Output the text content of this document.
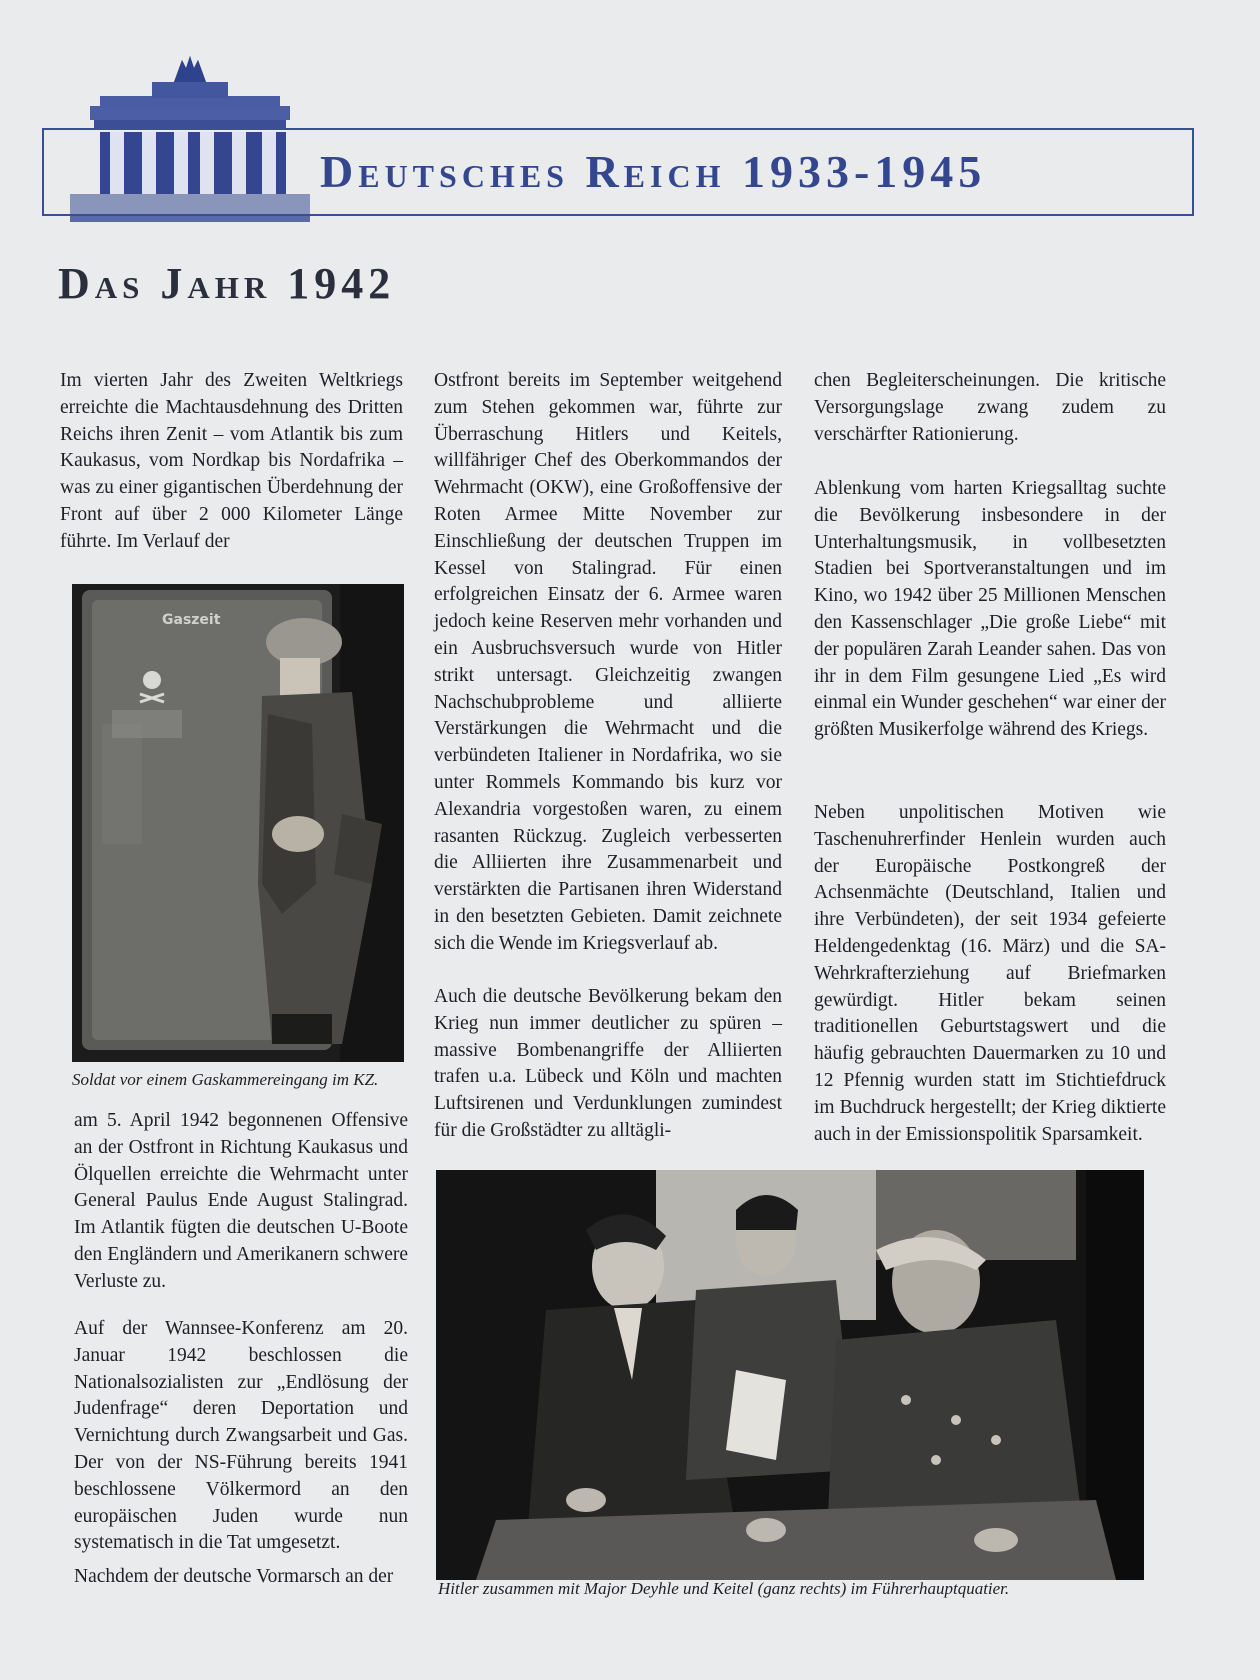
Deutsches Reich 1933-1945
Das Jahr 1942

Im vierten Jahr des Zweiten Weltkriegs erreichte die Machtausdehnung des Dritten Reichs ihren Zenit – vom Atlantik bis zum Kaukasus, vom Nordkap bis Nordafrika – was zu einer gigantischen Überdehnung der Front auf über 2 000 Kilometer Länge führte. Im Verlauf der

Gaszeit
Soldat vor einem Gaskammereingang im KZ.

am 5. April 1942 begonnenen Offensive an der Ostfront in Richtung Kaukasus und Ölquellen erreichte die Wehrmacht unter General Paulus Ende August Stalingrad. Im Atlantik fügten die deutschen U-Boote den Engländern und Amerikanern schwere Verluste zu.

Auf der Wannsee-Konferenz am 20. Januar 1942 beschlossen die Nationalsozialisten zur „Endlösung der Judenfrage“ deren Deportation und Vernichtung durch Zwangsarbeit und Gas. Der von der NS-Führung bereits 1941 beschlossene Völkermord an den europäischen Juden wurde nun systematisch in die Tat umgesetzt.

Nachdem der deutsche Vormarsch an der

Ostfront bereits im September weitgehend zum Stehen gekommen war, führte zur Überraschung Hitlers und Keitels, willfähriger Chef des Oberkommandos der Wehrmacht (OKW), eine Großoffensive der Roten Armee Mitte November zur Einschließung der deutschen Truppen im Kessel von Stalingrad. Für einen erfolgreichen Einsatz der 6. Armee waren jedoch keine Reserven mehr vorhanden und ein Ausbruchsversuch wurde von Hitler strikt untersagt. Gleichzeitig zwangen Nachschubprobleme und alliierte Verstärkungen die Wehrmacht und die verbündeten Italiener in Nordafrika, wo sie unter Rommels Kommando bis kurz vor Alexandria vorgestoßen waren, zu einem rasanten Rückzug. Zugleich verbesserten die Alliierten ihre Zusammenarbeit und verstärkten die Partisanen ihren Widerstand in den besetzten Gebieten. Damit zeichnete sich die Wende im Kriegsverlauf ab.

Auch die deutsche Bevölkerung bekam den Krieg nun immer deutlicher zu spüren – massive Bombenangriffe der Alliierten trafen u.a. Lübeck und Köln und machten Luftsirenen und Verdunklungen zumindest für die Großstädter zu alltägli-

chen Begleiterscheinungen. Die kritische Versorgungslage zwang zudem zu verschärfter Rationierung.

Ablenkung vom harten Kriegsalltag suchte die Bevölkerung insbesondere in der Unterhaltungsmusik, in vollbesetzten Stadien bei Sportveranstaltungen und im Kino, wo 1942 über 25 Millionen Menschen den Kassenschlager „Die große Liebe“ mit der populären Zarah Leander sahen. Das von ihr in dem Film gesungene Lied „Es wird einmal ein Wunder geschehen“ war einer der größten Musikerfolge während des Kriegs.

Neben unpolitischen Motiven wie Taschenuhrerfinder Henlein wurden auch der Europäische Postkongreß der Achsenmächte (Deutschland, Italien und ihre Verbündeten), der seit 1934 gefeierte Heldengedenktag (16. März) und die SA-Wehrkrafterziehung auf Briefmarken gewürdigt. Hitler bekam seinen traditionellen Geburtstagswert und die häufig gebrauchten Dauermarken zu 10 und 12 Pfennig wurden statt im Stichtiefdruck im Buchdruck hergestellt; der Krieg diktierte auch in der Emissionspolitik Sparsamkeit.

Hitler zusammen mit Major Deyhle und Keitel (ganz rechts) im Führerhauptquatier.
